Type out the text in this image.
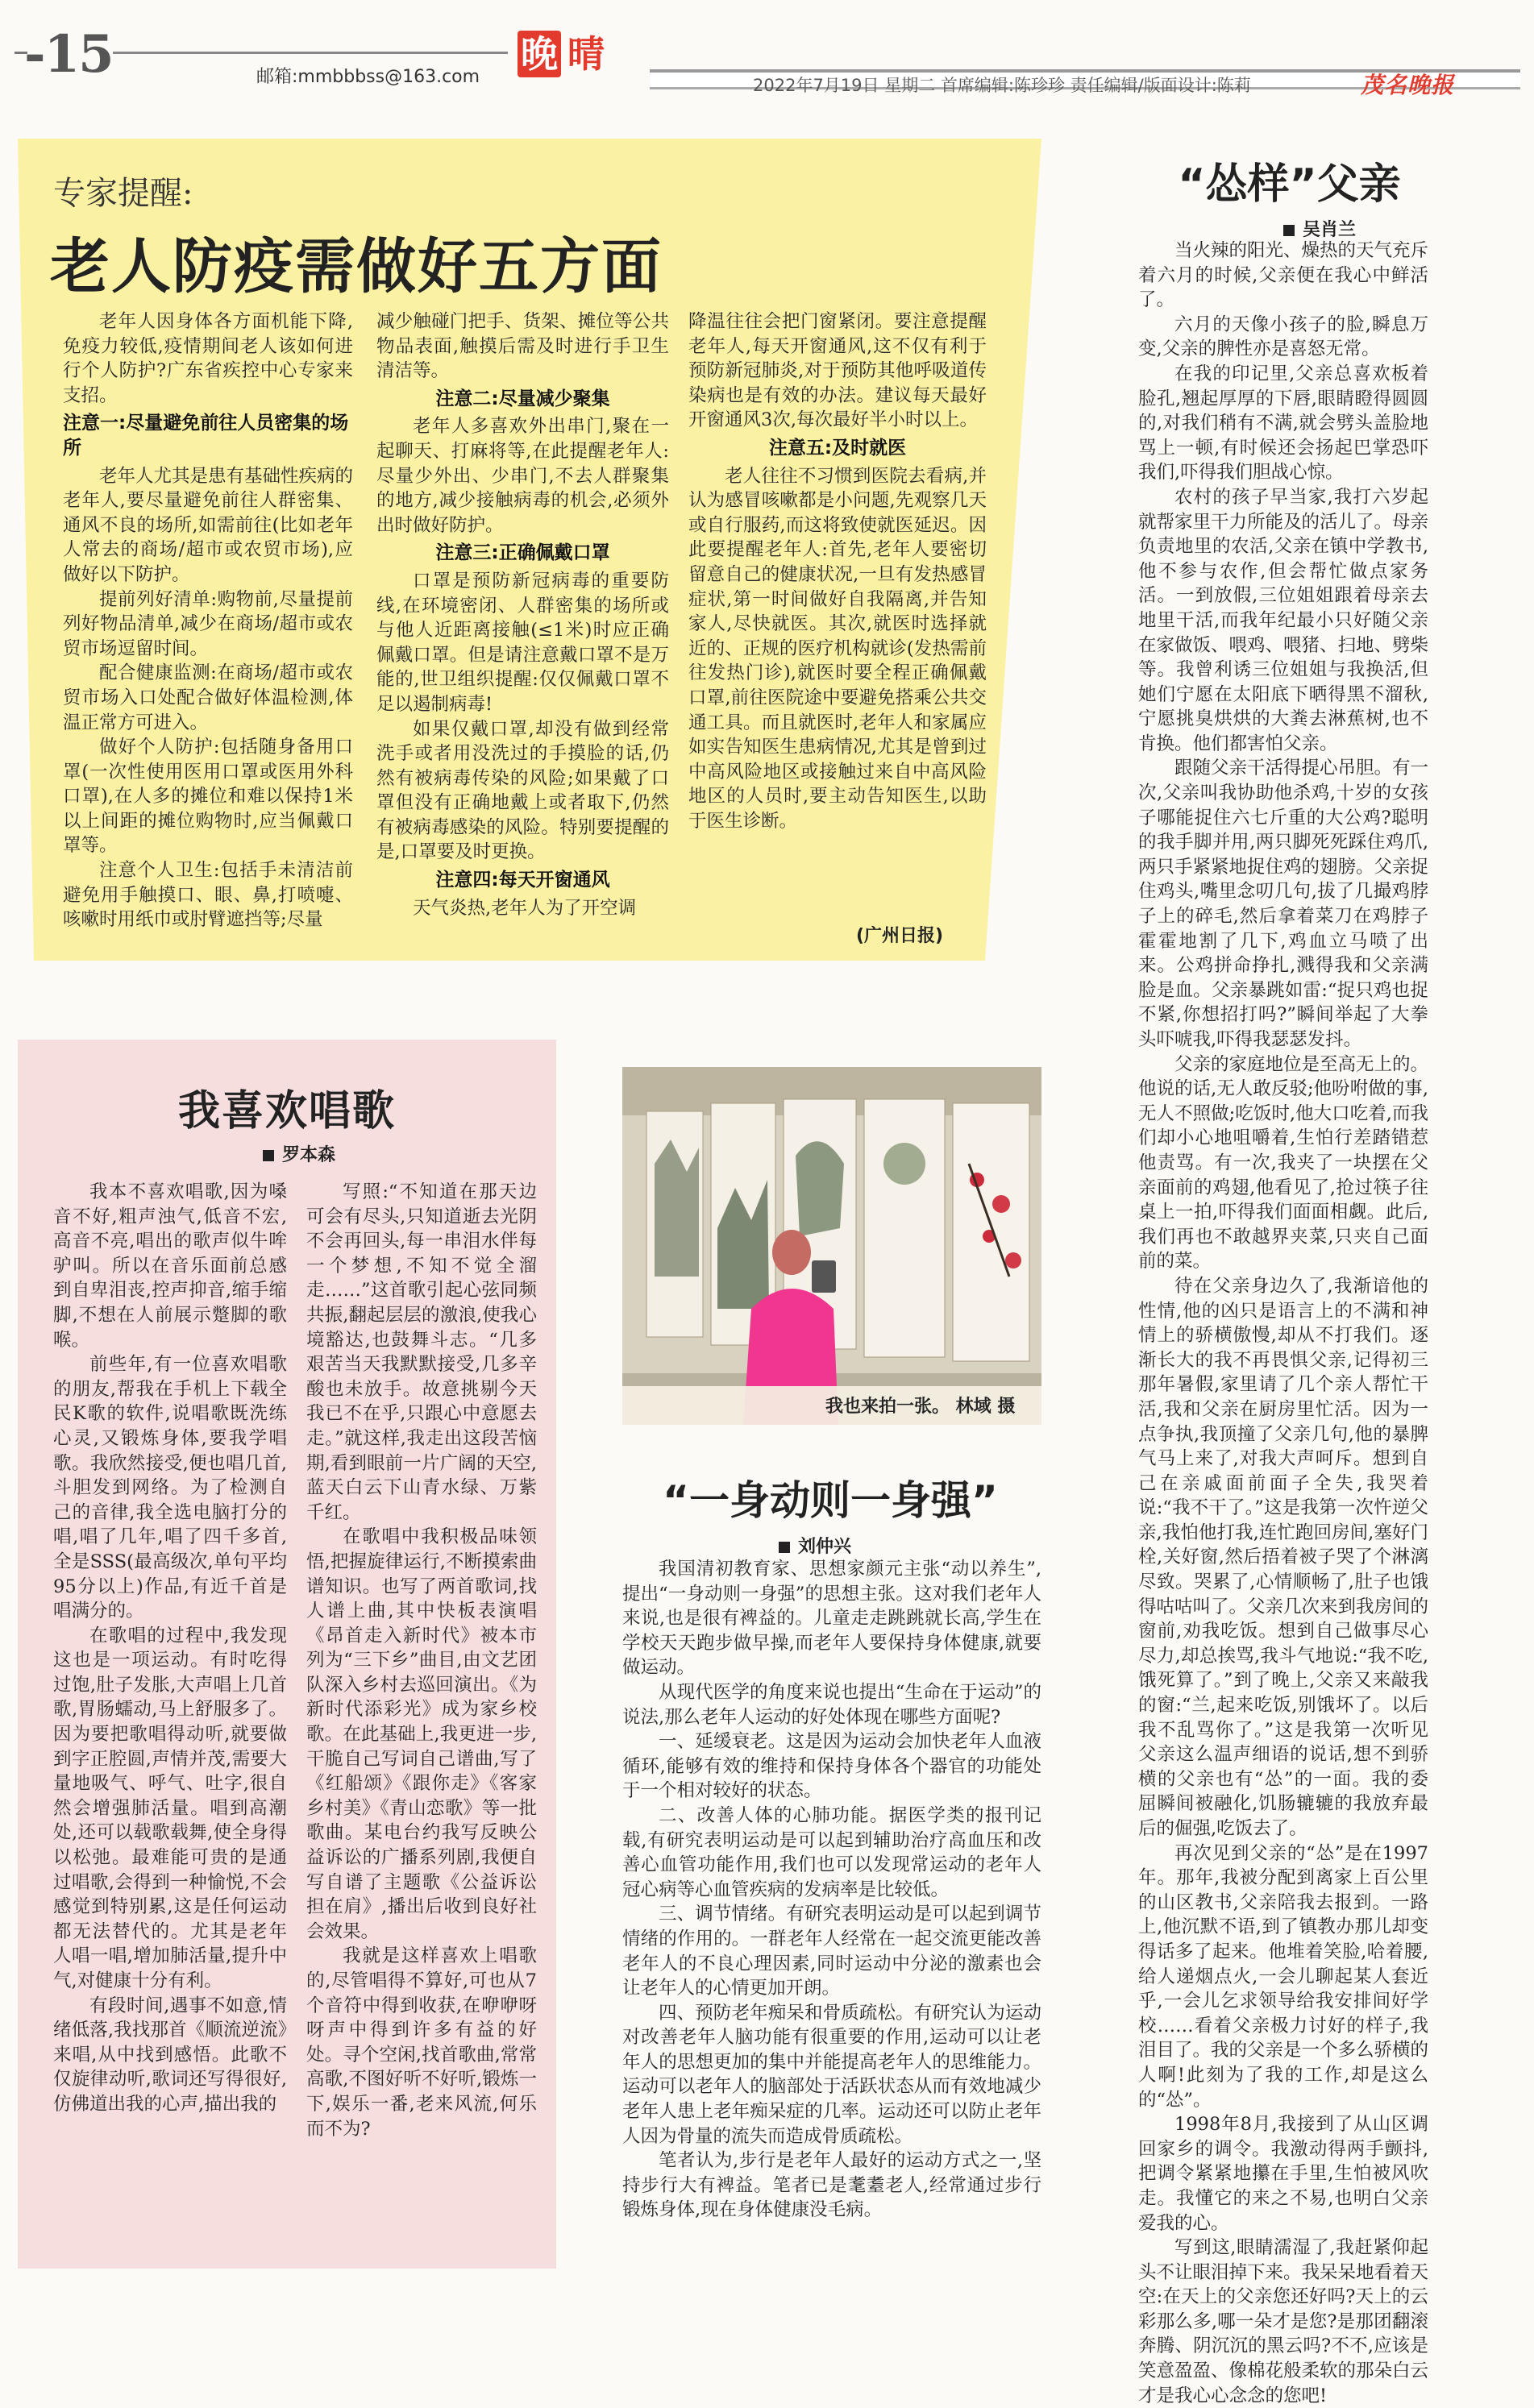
-15	邮箱:mmbbbss@163.com
晚 晴
2022年7月19日 星期二 首席编辑:陈珍珍 责任编辑/版面设计:陈莉	茂名晚报
专家提醒:
老人防疫需做好五方面

老年人因身体各方面机能下降,免疫力较低,疫情期间老人该如何进行个人防护?广东省疾控中心专家来支招。

注意一:尽量避免前往人员密集的场所

老年人尤其是患有基础性疾病的老年人,要尽量避免前往人群密集、通风不良的场所,如需前往(比如老年人常去的商场/超市或农贸市场),应做好以下防护。

提前列好清单:购物前,尽量提前列好物品清单,减少在商场/超市或农贸市场逗留时间。

配合健康监测:在商场/超市或农贸市场入口处配合做好体温检测,体温正常方可进入。

做好个人防护:包括随身备用口罩(一次性使用医用口罩或医用外科口罩),在人多的摊位和难以保持1米以上间距的摊位购物时,应当佩戴口罩等。

注意个人卫生:包括手未清洁前避免用手触摸口、眼、鼻,打喷嚏、咳嗽时用纸巾或肘臂遮挡等;尽量

减少触碰门把手、货架、摊位等公共物品表面,触摸后需及时进行手卫生清洁等。

注意二:尽量减少聚集

老年人多喜欢外出串门,聚在一起聊天、打麻将等,在此提醒老年人:尽量少外出、少串门,不去人群聚集的地方,减少接触病毒的机会,必须外出时做好防护。

注意三:正确佩戴口罩

口罩是预防新冠病毒的重要防线,在环境密闭、人群密集的场所或与他人近距离接触(≤1米)时应正确佩戴口罩。但是请注意戴口罩不是万能的,世卫组织提醒:仅仅佩戴口罩不足以遏制病毒!

如果仅戴口罩,却没有做到经常洗手或者用没洗过的手摸脸的话,仍然有被病毒传染的风险;如果戴了口罩但没有正确地戴上或者取下,仍然有被病毒感染的风险。特别要提醒的是,口罩要及时更换。

注意四:每天开窗通风

天气炎热,老年人为了开空调

降温往往会把门窗紧闭。要注意提醒老年人,每天开窗通风,这不仅有利于预防新冠肺炎,对于预防其他呼吸道传染病也是有效的办法。建议每天最好开窗通风3次,每次最好半小时以上。

注意五:及时就医

老人往往不习惯到医院去看病,并认为感冒咳嗽都是小问题,先观察几天或自行服药,而这将致使就医延迟。因此要提醒老年人:首先,老年人要密切留意自己的健康状况,一旦有发热感冒症状,第一时间做好自我隔离,并告知家人,尽快就医。其次,就医时选择就近的、正规的医疗机构就诊(发热需前往发热门诊),就医时要全程正确佩戴口罩,前往医院途中要避免搭乘公共交通工具。而且就医时,老年人和家属应如实告知医生患病情况,尤其是曾到过中高风险地区或接触过来自中高风险地区的人员时,要主动告知医生,以助于医生诊断。

(广州日报)
“怂样”父亲
吴肖兰

当火辣的阳光、燥热的天气充斥着六月的时候,父亲便在我心中鲜活了。

六月的天像小孩子的脸,瞬息万变,父亲的脾性亦是喜怒无常。

在我的印记里,父亲总喜欢板着脸孔,翘起厚厚的下唇,眼睛瞪得圆圆的,对我们稍有不满,就会劈头盖脸地骂上一顿,有时候还会扬起巴掌恐吓我们,吓得我们胆战心惊。

农村的孩子早当家,我打六岁起就帮家里干力所能及的活儿了。母亲负责地里的农活,父亲在镇中学教书,他不参与农作,但会帮忙做点家务活。一到放假,三位姐姐跟着母亲去地里干活,而我年纪最小只好随父亲在家做饭、喂鸡、喂猪、扫地、劈柴等。我曾利诱三位姐姐与我换活,但她们宁愿在太阳底下晒得黑不溜秋,宁愿挑臭烘烘的大粪去淋蕉树,也不肯换。他们都害怕父亲。

跟随父亲干活得提心吊胆。有一次,父亲叫我协助他杀鸡,十岁的女孩子哪能捉住六七斤重的大公鸡?聪明的我手脚并用,两只脚死死踩住鸡爪,两只手紧紧地捉住鸡的翅膀。父亲捉住鸡头,嘴里念叨几句,拔了几撮鸡脖子上的碎毛,然后拿着菜刀在鸡脖子霍霍地割了几下,鸡血立马喷了出来。公鸡拼命挣扎,溅得我和父亲满脸是血。父亲暴跳如雷:“捉只鸡也捉不紧,你想招打吗?”瞬间举起了大拳头吓唬我,吓得我瑟瑟发抖。

父亲的家庭地位是至高无上的。他说的话,无人敢反驳;他吩咐做的事,无人不照做;吃饭时,他大口吃着,而我们却小心地咀嚼着,生怕行差踏错惹他责骂。有一次,我夹了一块摆在父亲面前的鸡翅,他看见了,抢过筷子往桌上一拍,吓得我们面面相觑。此后,我们再也不敢越界夹菜,只夹自己面前的菜。

待在父亲身边久了,我渐谙他的性情,他的凶只是语言上的不满和神情上的骄横傲慢,却从不打我们。逐渐长大的我不再畏惧父亲,记得初三那年暑假,家里请了几个亲人帮忙干活,我和父亲在厨房里忙活。因为一点争执,我顶撞了父亲几句,他的暴脾气马上来了,对我大声呵斥。想到自己在亲戚面前面子全失,我哭着说:“我不干了。”这是我第一次忤逆父亲,我怕他打我,连忙跑回房间,塞好门栓,关好窗,然后捂着被子哭了个淋漓尽致。哭累了,心情顺畅了,肚子也饿得咕咕叫了。父亲几次来到我房间的窗前,劝我吃饭。想到自己做事尽心尽力,却总挨骂,我斗气地说:“我不吃,饿死算了。”到了晚上,父亲又来敲我的窗:“兰,起来吃饭,别饿坏了。以后我不乱骂你了。”这是我第一次听见父亲这么温声细语的说话,想不到骄横的父亲也有“怂”的一面。我的委屈瞬间被融化,饥肠辘辘的我放弃最后的倔强,吃饭去了。

再次见到父亲的“怂”是在1997年。那年,我被分配到离家上百公里的山区教书,父亲陪我去报到。一路上,他沉默不语,到了镇教办那儿却变得话多了起来。他堆着笑脸,哈着腰,给人递烟点火,一会儿聊起某人套近乎,一会儿乞求领导给我安排间好学校……看着父亲极力讨好的样子,我泪目了。我的父亲是一个多么骄横的人啊!此刻为了我的工作,却是这么的“怂”。

1998年8月,我接到了从山区调回家乡的调令。我激动得两手颤抖,把调令紧紧地攥在手里,生怕被风吹走。我懂它的来之不易,也明白父亲爱我的心。

写到这,眼睛濡湿了,我赶紧仰起头不让眼泪掉下来。我呆呆地看着天空:在天上的父亲您还好吗?天上的云彩那么多,哪一朵才是您?是那团翻滚奔腾、阴沉沉的黑云吗?不不,应该是笑意盈盈、像棉花般柔软的那朵白云才是我心心念念的您吧!

我喜欢唱歌
罗本森

我本不喜欢唱歌,因为嗓音不好,粗声浊气,低音不宏,高音不亮,唱出的歌声似牛哞驴叫。所以在音乐面前总感到自卑泪丧,控声抑音,缩手缩脚,不想在人前展示蹩脚的歌喉。

前些年,有一位喜欢唱歌的朋友,帮我在手机上下载全民K歌的软件,说唱歌既洗练心灵,又锻炼身体,要我学唱歌。我欣然接受,便也唱几首,斗胆发到网络。为了检测自己的音律,我全选电脑打分的唱,唱了几年,唱了四千多首,全是SSS(最高级次,单句平均95分以上)作品,有近千首是唱满分的。

在歌唱的过程中,我发现这也是一项运动。有时吃得过饱,肚子发胀,大声唱上几首歌,胃肠蠕动,马上舒服多了。因为要把歌唱得动听,就要做到字正腔圆,声情并茂,需要大量地吸气、呼气、吐字,很自然会增强肺活量。唱到高潮处,还可以载歌载舞,使全身得以松弛。最难能可贵的是通过唱歌,会得到一种愉悦,不会感觉到特别累,这是任何运动都无法替代的。尤其是老年人唱一唱,增加肺活量,提升中气,对健康十分有利。

有段时间,遇事不如意,情绪低落,我找那首《顺流逆流》来唱,从中找到感悟。此歌不仅旋律动听,歌词还写得很好,仿佛道出我的心声,描出我的

写照:“不知道在那天边可会有尽头,只知道逝去光阴不会再回头,每一串泪水伴每一个梦想,不知不觉全溜走……”这首歌引起心弦同频共振,翻起层层的激浪,使我心境豁达,也鼓舞斗志。“几多艰苦当天我默默接受,几多辛酸也未放手。故意挑剔今天我已不在乎,只跟心中意愿去走。”就这样,我走出这段苦恼期,看到眼前一片广阔的天空,蓝天白云下山青水绿、万紫千红。

在歌唱中我积极品味领悟,把握旋律运行,不断摸索曲谱知识。也写了两首歌词,找人谱上曲,其中快板表演唱《昂首走入新时代》被本市列为“三下乡”曲目,由文艺团队深入乡村去巡回演出。《为新时代添彩光》成为家乡校歌。在此基础上,我更进一步,干脆自己写词自己谱曲,写了《红船颂》《跟你走》《客家乡村美》《青山恋歌》等一批歌曲。某电台约我写反映公益诉讼的广播系列剧,我便自写自谱了主题歌《公益诉讼担在肩》,播出后收到良好社会效果。

我就是这样喜欢上唱歌的,尽管唱得不算好,可也从7个音符中得到收获,在咿咿呀呀声中得到许多有益的好处。寻个空闲,找首歌曲,常常高歌,不图好听不好听,锻炼一下,娱乐一番,老来风流,何乐而不为?

我也来拍一张。 林域 摄
“一身动则一身强”
刘仲兴

我国清初教育家、思想家颜元主张“动以养生”,提出“一身动则一身强”的思想主张。这对我们老年人来说,也是很有裨益的。儿童走走跳跳就长高,学生在学校天天跑步做早操,而老年人要保持身体健康,就要做运动。

从现代医学的角度来说也提出“生命在于运动”的说法,那么老年人运动的好处体现在哪些方面呢?

一、延缓衰老。这是因为运动会加快老年人血液循环,能够有效的维持和保持身体各个器官的功能处于一个相对较好的状态。

二、改善人体的心肺功能。据医学类的报刊记载,有研究表明运动是可以起到辅助治疗高血压和改善心血管功能作用,我们也可以发现常运动的老年人冠心病等心血管疾病的发病率是比较低。

三、调节情绪。有研究表明运动是可以起到调节情绪的作用的。一群老年人经常在一起交流更能改善老年人的不良心理因素,同时运动中分泌的激素也会让老年人的心情更加开朗。

四、预防老年痴呆和骨质疏松。有研究认为运动对改善老年人脑功能有很重要的作用,运动可以让老年人的思想更加的集中并能提高老年人的思维能力。运动可以老年人的脑部处于活跃状态从而有效地减少老年人患上老年痴呆症的几率。运动还可以防止老年人因为骨量的流失而造成骨质疏松。

笔者认为,步行是老年人最好的运动方式之一,坚持步行大有裨益。笔者已是耄耋老人,经常通过步行锻炼身体,现在身体健康没毛病。
